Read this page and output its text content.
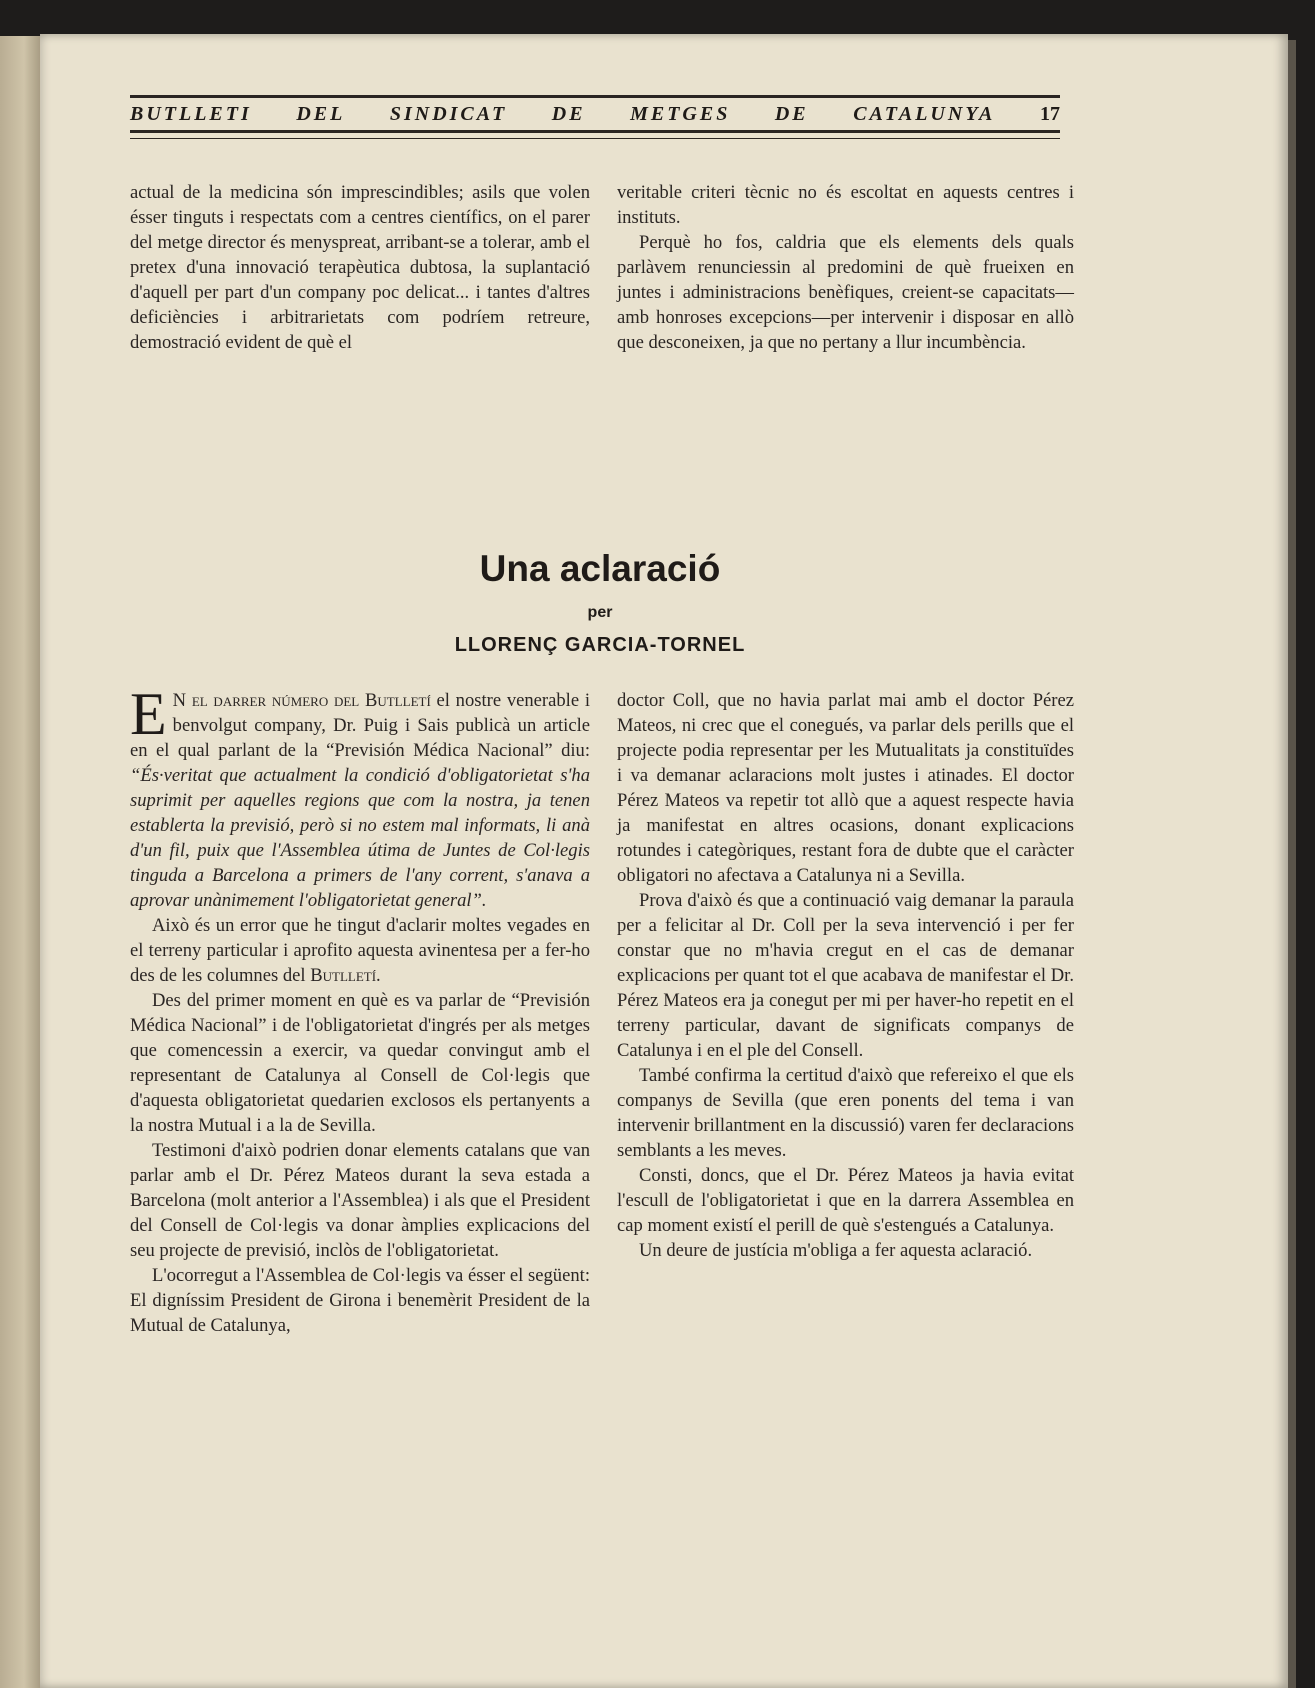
BUTLLETI DEL SINDICAT DE METGES DE CATALUNYA 17

actual de la medicina són imprescindibles; asils que volen ésser tinguts i respectats com a centres científics, on el parer del metge director és menyspreat, arribant-se a tolerar, amb el pretex d'una innovació terapèutica dubtosa, la suplantació d'aquell per part d'un company poc delicat... i tantes d'altres deficiències i arbitrarietats com podríem retreure, demostració evident de què el

veritable criteri tècnic no és escoltat en aquests centres i instituts.

Perquè ho fos, caldria que els elements dels quals parlàvem renunciessin al predomini de què frueixen en juntes i administracions benèfiques, creient-se capacitats—amb honroses excepcions—per intervenir i disposar en allò que desconeixen, ja que no pertany a llur incumbència.

Una aclaració
per
LLORENÇ GARCIA-TORNEL

E N el darrer número del Butlletí el nostre venerable i benvolgut company, Dr. Puig i Sais publicà un article en el qual parlant de la “Previsión Médica Nacional” diu: “És·veritat que actualment la condició d'obligatorietat s'ha suprimit per aquelles regions que com la nostra, ja tenen establerta la previsió, però si no estem mal informats, li anà d'un fil, puix que l'Assemblea útima de Juntes de Col·legis tinguda a Barcelona a primers de l'any corrent, s'anava a aprovar unànimement l'obligatorietat general”.

Això és un error que he tingut d'aclarir moltes vegades en el terreny particular i aprofito aquesta avinentesa per a fer-ho des de les columnes del Butlletí.

Des del primer moment en què es va parlar de “Previsión Médica Nacional” i de l'obligatorietat d'ingrés per als metges que comencessin a exercir, va quedar convingut amb el representant de Catalunya al Consell de Col·legis que d'aquesta obligatorietat quedarien exclosos els pertanyents a la nostra Mutual i a la de Sevilla.

Testimoni d'això podrien donar elements catalans que van parlar amb el Dr. Pérez Mateos durant la seva estada a Barcelona (molt anterior a l'Assemblea) i als que el President del Consell de Col·legis va donar àmplies explicacions del seu projecte de previsió, inclòs de l'obligatorietat.

L'ocorregut a l'Assemblea de Col·legis va ésser el següent: El digníssim President de Girona i benemèrit President de la Mutual de Catalunya,

doctor Coll, que no havia parlat mai amb el doctor Pérez Mateos, ni crec que el conegués, va parlar dels perills que el projecte podia representar per les Mutualitats ja constituïdes i va demanar aclaracions molt justes i atinades. El doctor Pérez Mateos va repetir tot allò que a aquest respecte havia ja manifestat en altres ocasions, donant explicacions rotundes i categòriques, restant fora de dubte que el caràcter obligatori no afectava a Catalunya ni a Sevilla.

Prova d'això és que a continuació vaig demanar la paraula per a felicitar al Dr. Coll per la seva intervenció i per fer constar que no m'havia cregut en el cas de demanar explicacions per quant tot el que acabava de manifestar el Dr. Pérez Mateos era ja conegut per mi per haver-ho repetit en el terreny particular, davant de significats companys de Catalunya i en el ple del Consell.

També confirma la certitud d'això que refereixo el que els companys de Sevilla (que eren ponents del tema i van intervenir brillantment en la discussió) varen fer declaracions semblants a les meves.

Consti, doncs, que el Dr. Pérez Mateos ja havia evitat l'escull de l'obligatorietat i que en la darrera Assemblea en cap moment existí el perill de què s'estengués a Catalunya.

Un deure de justícia m'obliga a fer aquesta aclaració.
